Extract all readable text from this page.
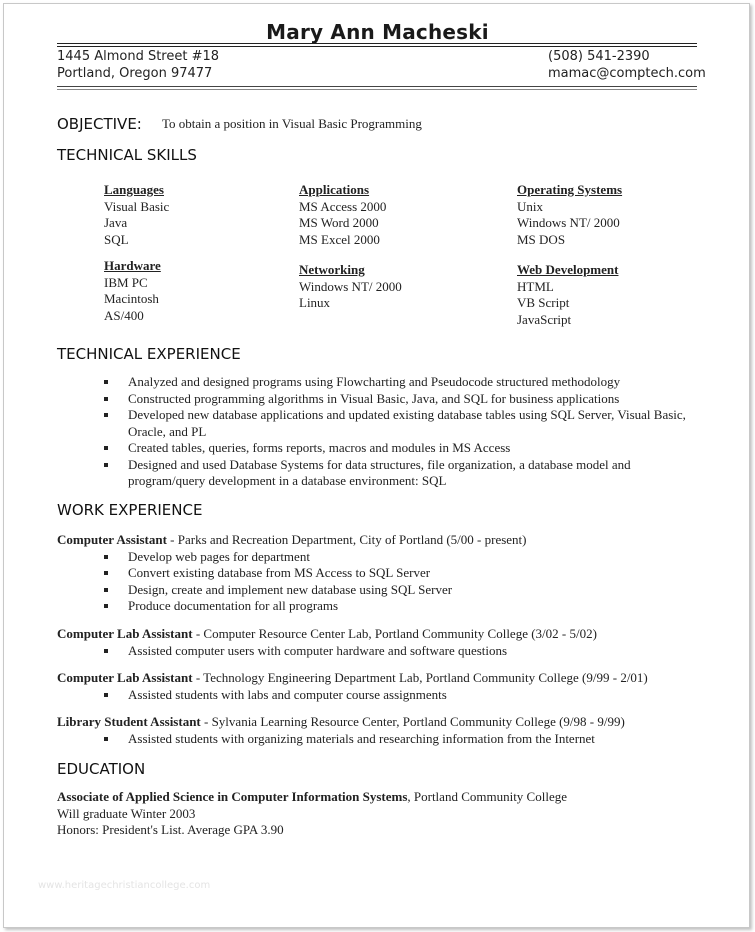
Mary Ann Macheski
1445 Almond Street #18
Portland, Oregon 97477
(508) 541-2390
mamac@comptech.com
OBJECTIVE: To obtain a position in Visual Basic Programming
TECHNICAL SKILLS
Languages
Visual Basic
Java
SQL
Applications
MS Access 2000
MS Word 2000
MS Excel 2000
Operating Systems
Unix
Windows NT/ 2000
MS DOS
Hardware
IBM PC
Macintosh
AS/400
Networking
Windows NT/ 2000
Linux
Web Development
HTML
VB Script
JavaScript
TECHNICAL EXPERIENCE
Analyzed and designed programs using Flowcharting and Pseudocode structured methodology
Constructed programming algorithms in Visual Basic, Java, and SQL for business applications
Developed new database applications and updated existing database tables using SQL Server, Visual Basic, Oracle, and PL
Created tables, queries, forms reports, macros and modules in MS Access
Designed and used Database Systems for data structures, file organization, a database model and program/query development in a database environment: SQL
WORK EXPERIENCE
Computer Assistant - Parks and Recreation Department, City of Portland (5/00 - present)
Develop web pages for department
Convert existing database from MS Access to SQL Server
Design, create and implement new database using SQL Server
Produce documentation for all programs
Computer Lab Assistant - Computer Resource Center Lab, Portland Community College (3/02 - 5/02)
Assisted computer users with computer hardware and software questions
Computer Lab Assistant - Technology Engineering Department Lab, Portland Community College (9/99 - 2/01)
Assisted students with labs and computer course assignments
Library Student Assistant - Sylvania Learning Resource Center, Portland Community College (9/98 - 9/99)
Assisted students with organizing materials and researching information from the Internet
EDUCATION
Associate of Applied Science in Computer Information Systems, Portland Community College
Will graduate Winter 2003
Honors: President's List. Average GPA 3.90
www.heritagechristiancollege.com
